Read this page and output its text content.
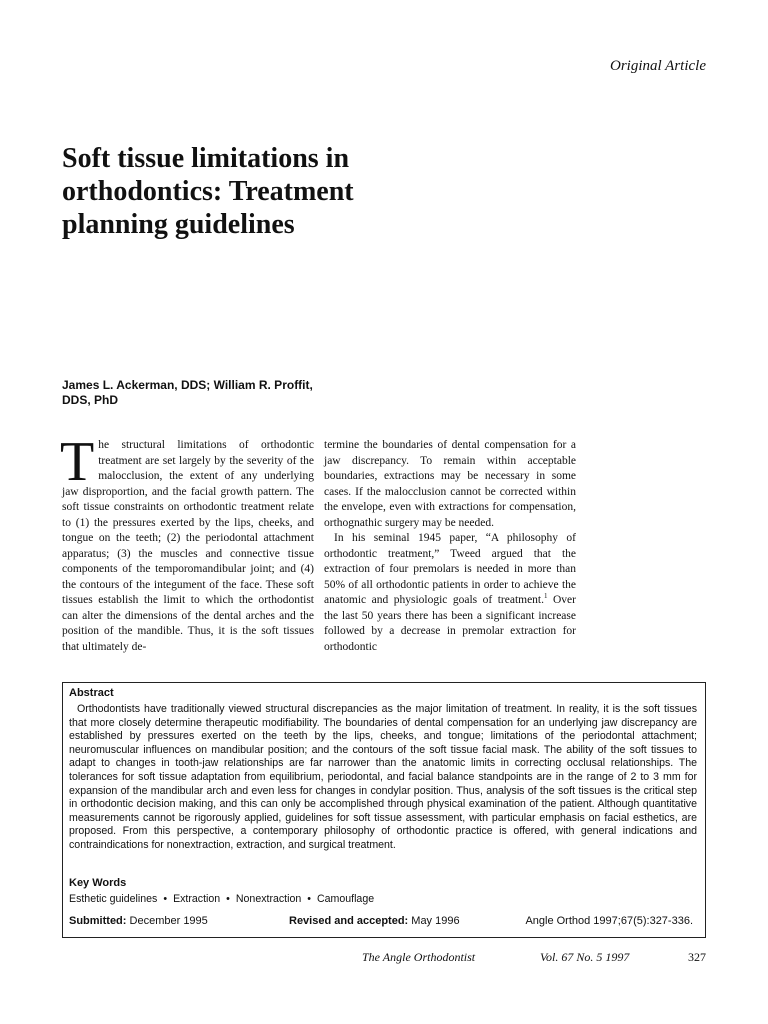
Original Article
Soft tissue limitations in orthodontics: Treatment planning guidelines
James L. Ackerman, DDS; William R. Proffit, DDS, PhD

The structural limitations of orthodontic treatment are set largely by the severity of the malocclusion, the extent of any underlying jaw disproportion, and the facial growth pattern. The soft tissue constraints on orthodontic treatment relate to (1) the pressures exerted by the lips, cheeks, and tongue on the teeth; (2) the periodontal attachment apparatus; (3) the muscles and connective tissue components of the temporomandibular joint; and (4) the contours of the integument of the face. These soft tissues establish the limit to which the orthodontist can alter the dimensions of the dental arches and the position of the mandible. Thus, it is the soft tissues that ultimately de-

termine the boundaries of dental compensation for a jaw discrepancy. To remain within acceptable boundaries, extractions may be necessary in some cases. If the malocclusion cannot be corrected within the envelope, even with extractions for compensation, orthognathic surgery may be needed.

In his seminal 1945 paper, “A philosophy of orthodontic treatment,” Tweed argued that the extraction of four premolars is needed in more than 50% of all orthodontic patients in order to achieve the anatomic and physiologic goals of treatment.$^1$ Over the last 50 years there has been a significant increase followed by a decrease in premolar extraction for orthodontic

Abstract

Orthodontists have traditionally viewed structural discrepancies as the major limitation of treatment. In reality, it is the soft tissues that more closely determine therapeutic modifiability. The boundaries of dental compensation for an underlying jaw discrepancy are established by pressures exerted on the teeth by the lips, cheeks, and tongue; limitations of the periodontal attachment; neuromuscular influences on mandibular position; and the contours of the soft tissue facial mask. The ability of the soft tissues to adapt to changes in tooth-jaw relationships are far narrower than the anatomic limits in correcting occlusal relationships. The tolerances for soft tissue adaptation from equilibrium, periodontal, and facial balance standpoints are in the range of 2 to 3 mm for expansion of the mandibular arch and even less for changes in condylar position. Thus, analysis of the soft tissues is the critical step in orthodontic decision making, and this can only be accomplished through physical examination of the patient. Although quantitative measurements cannot be rigorously applied, guidelines for soft tissue assessment, with particular emphasis on facial esthetics, are proposed. From this perspective, a contemporary philosophy of orthodontic practice is offered, with general indications and contraindications for nonextraction, extraction, and surgical treatment.

Key Words
Esthetic guidelines • Extraction • Nonextraction • Camouflage
Submitted: December 1995	Revised and accepted: May 1996	Angle Orthod 1997;67(5):327-336.
The Angle Orthodontist	Vol. 67 No. 5 1997	327
